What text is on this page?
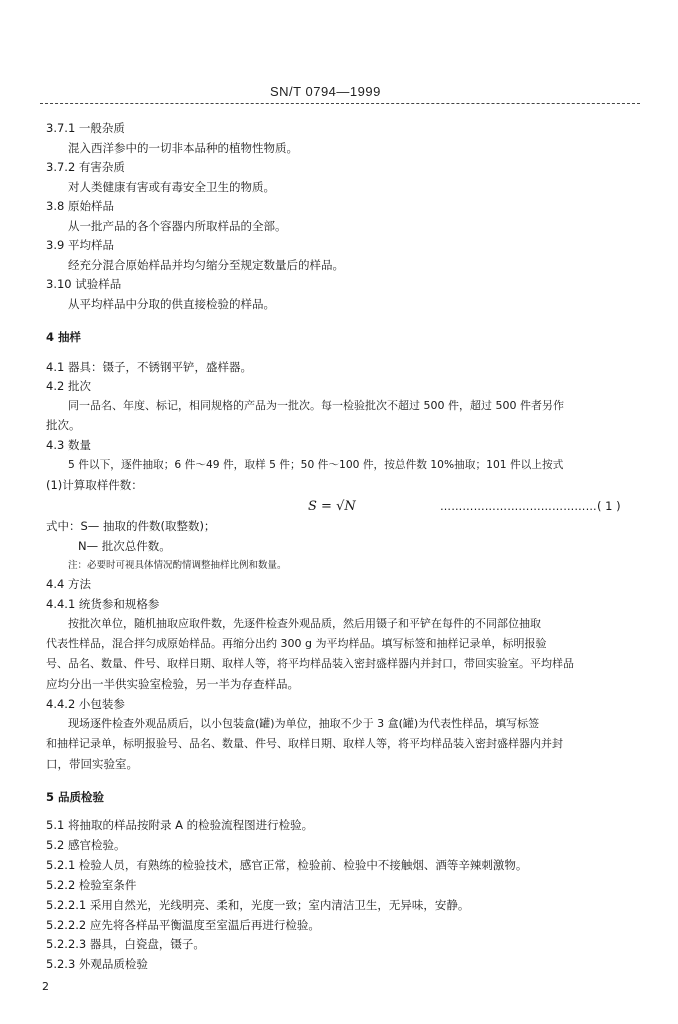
SN/T 0794—1999
3.7.1 一般杂质
混入西洋参中的一切非本品种的植物性物质。
3.7.2 有害杂质
对人类健康有害或有毒安全卫生的物质。
3.8 原始样品
从一批产品的各个容器内所取样品的全部。
3.9 平均样品
经充分混合原始样品并均匀缩分至规定数量后的样品。
3.10 试验样品
从平均样品中分取的供直接检验的样品。
4 抽样
4.1 器具：镊子，不锈钢平铲，盛样器。
4.2 批次
同一品名、年度、标记，相同规格的产品为一批次。每一检验批次不超过 500 件，超过 500 件者另作
批次。
4.3 数量
5 件以下，逐件抽取；6 件～49 件，取样 5 件；50 件～100 件，按总件数 10%抽取；101 件以上按式
(1)计算取样件数：
S = √N	…………………………………… ( 1 )
式中：S— 抽取的件数(取整数)；
N— 批次总件数。
注：必要时可视具体情况酌情调整抽样比例和数量。
4.4 方法
4.4.1 统货参和规格参
按批次单位，随机抽取应取件数，先逐件检查外观品质，然后用镊子和平铲在每件的不同部位抽取
代表性样品，混合拌匀成原始样品。再缩分出约 300 g 为平均样品。填写标签和抽样记录单，标明报验
号、品名、数量、件号、取样日期、取样人等，将平均样品装入密封盛样器内并封口，带回实验室。平均样品
应均分出一半供实验室检验，另一半为存查样品。
4.4.2 小包装参
现场逐件检查外观品质后，以小包装盒(罐)为单位，抽取不少于 3 盒(罐)为代表性样品，填写标签
和抽样记录单，标明报验号、品名、数量、件号、取样日期、取样人等，将平均样品装入密封盛样器内并封
口，带回实验室。
5 品质检验
5.1 将抽取的样品按附录 A 的检验流程图进行检验。
5.2 感官检验。
5.2.1 检验人员，有熟练的检验技术，感官正常，检验前、检验中不接触烟、酒等辛辣刺激物。
5.2.2 检验室条件
5.2.2.1 采用自然光，光线明亮、柔和，光度一致；室内清洁卫生，无异味，安静。
5.2.2.2 应先将各样品平衡温度至室温后再进行检验。
5.2.2.3 器具，白瓷盘，镊子。
5.2.3 外观品质检验
2
